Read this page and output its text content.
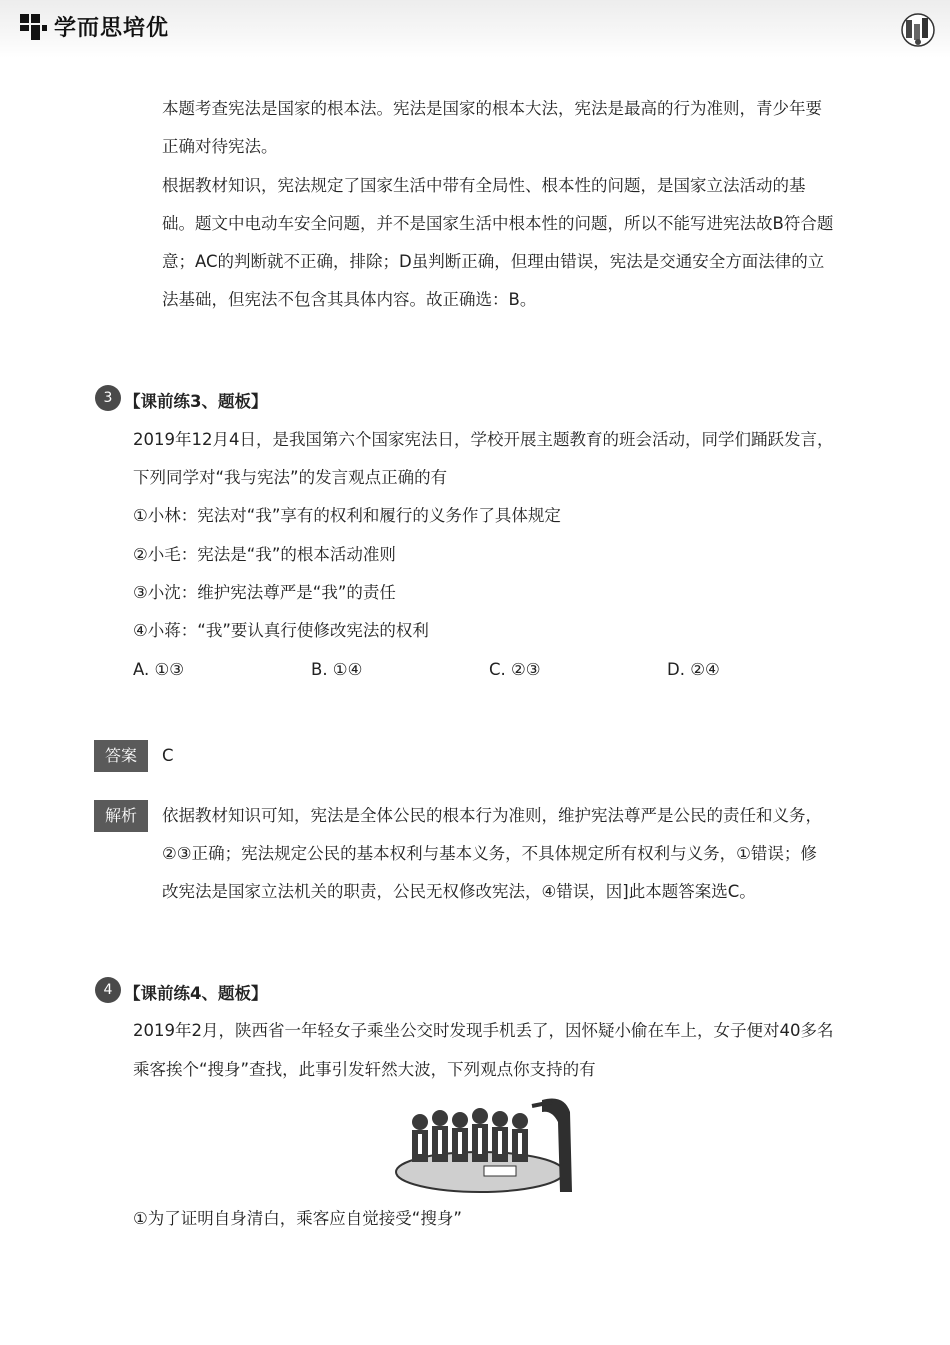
学而思培优
本题考查宪法是国家的根本法。宪法是国家的根本大法，宪法是最高的行为准则，青少年要
正确对待宪法。
根据教材知识，宪法规定了国家生活中带有全局性、根本性的问题，是国家立法活动的基
础。题文中电动车安全问题，并不是国家生活中根本性的问题，所以不能写进宪法故B符合题
意；AC的判断就不正确，排除；D虽判断正确，但理由错误，宪法是交通安全方面法律的立
法基础，但宪法不包含其具体内容。故正确选：B。
3 【课前练3、题板】
2019年12月4日，是我国第六个国家宪法日，学校开展主题教育的班会活动，同学们踊跃发言，
下列同学对“我与宪法”的发言观点正确的有
①小林：宪法对“我”享有的权利和履行的义务作了具体规定
②小毛：宪法是“我”的根本活动准则
③小沈：维护宪法尊严是“我”的责任
④小蒋：“我”要认真行使修改宪法的权利
A. ①③	B. ①④	C. ②③	D. ②④
答案	C
解析	依据教材知识可知，宪法是全体公民的根本行为准则，维护宪法尊严是公民的责任和义务，
②③正确；宪法规定公民的基本权利与基本义务，不具体规定所有权利与义务，①错误；修
改宪法是国家立法机关的职责，公民无权修改宪法，④错误，因]此本题答案选C。
4 【课前练4、题板】
2019年2月，陕西省一年轻女子乘坐公交时发现手机丢了，因怀疑小偷在车上，女子便对40多名
乘客挨个“搜身”查找，此事引发轩然大波，下列观点你支持的有
①为了证明自身清白，乘客应自觉接受“搜身”
